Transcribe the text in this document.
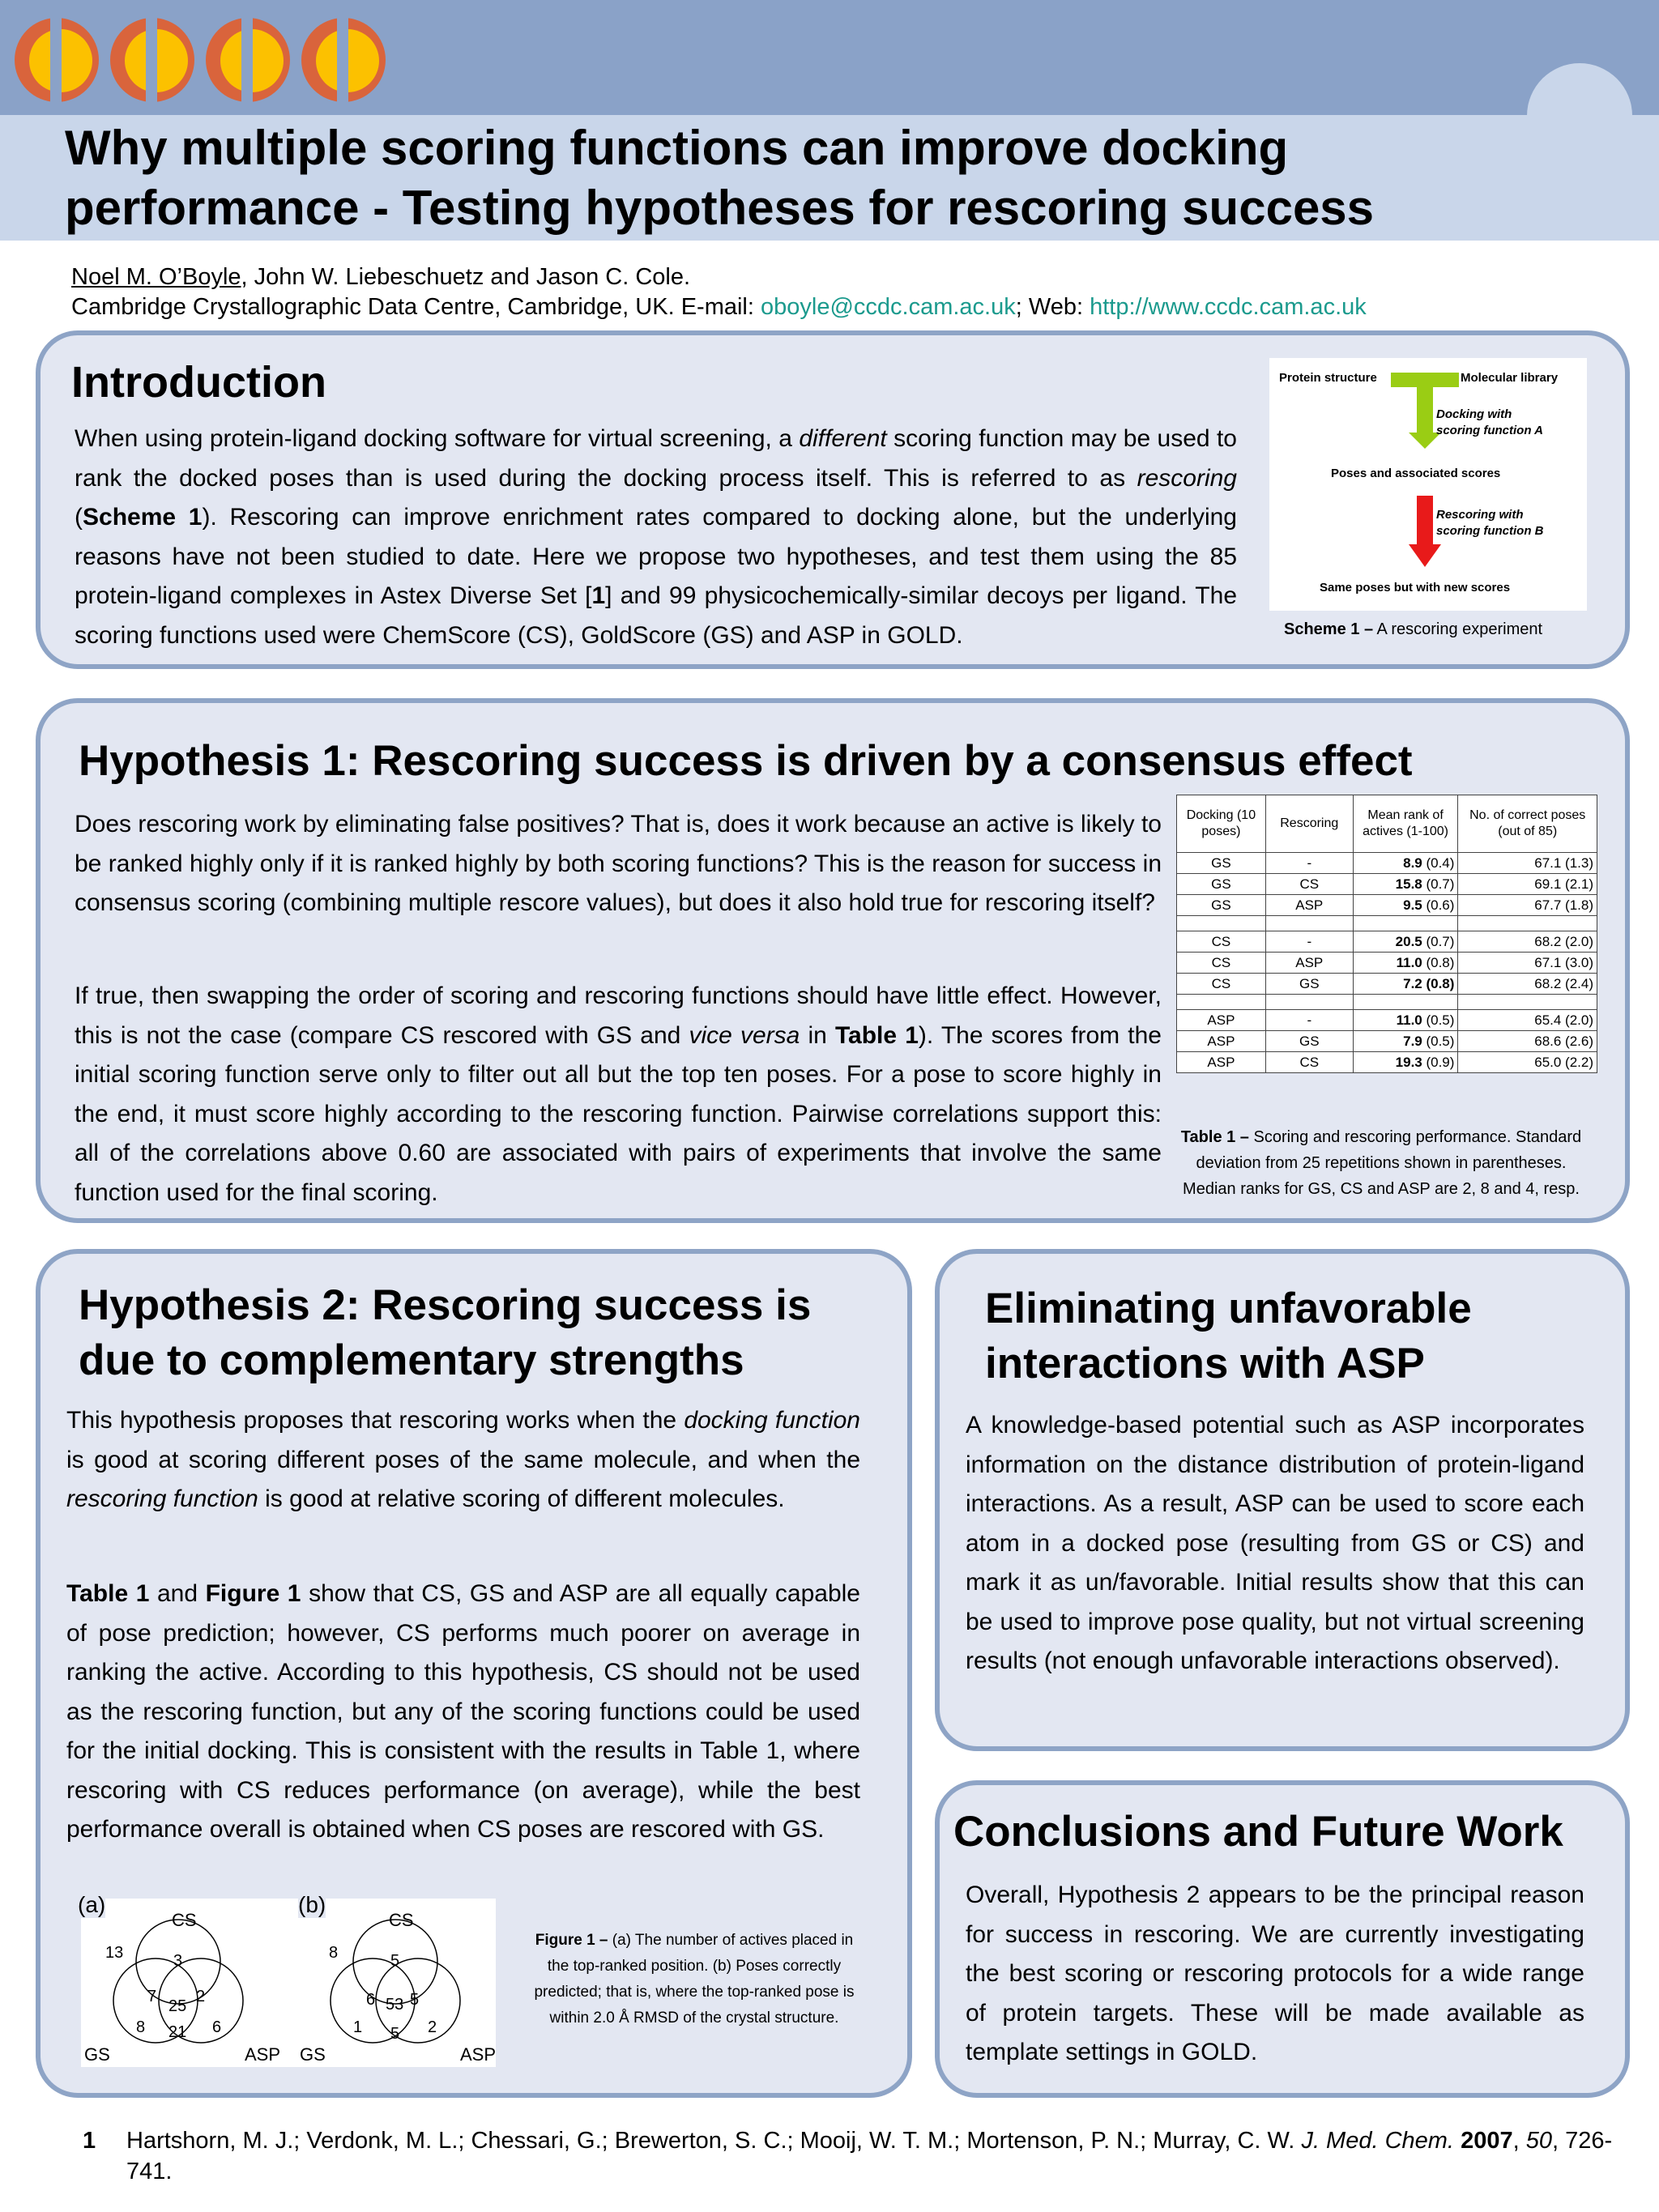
Why multiple scoring functions can improve docking
performance - Testing hypotheses for rescoring success
Noel M. O’Boyle, John W. Liebeschuetz and Jason C. Cole.
Cambridge Crystallographic Data Centre, Cambridge, UK. E-mail: oboyle@ccdc.cam.ac.uk; Web: http://www.ccdc.cam.ac.uk
Introduction
When using protein-ligand docking software for virtual screening, a different scoring function may be used to rank the docked poses than is used during the docking process itself. This is referred to as rescoring (Scheme 1). Rescoring can improve enrichment rates compared to docking alone, but the underlying reasons have not been studied to date. Here we propose two hypotheses, and test them using the 85 protein-ligand complexes in Astex Diverse Set [1] and 99 physicochemically-similar decoys per ligand. The scoring functions used were ChemScore (CS), GoldScore (GS) and ASP in GOLD.
Protein structure	Molecular library
Docking with
scoring function A
Poses and associated scores
Rescoring with
scoring function B
Same poses but with new scores
Scheme 1 – A rescoring experiment
Hypothesis 1: Rescoring success is driven by a consensus effect
Does rescoring work by eliminating false positives? That is, does it work because an active is likely to be ranked highly only if it is ranked highly by both scoring functions? This is the reason for success in consensus scoring (combining multiple rescore values), but does it also hold true for rescoring itself?
If true, then swapping the order of scoring and rescoring functions should have little effect. However, this is not the case (compare CS rescored with GS and vice versa in Table 1). The scores from the initial scoring function serve only to filter out all but the top ten poses. For a pose to score highly in the end, it must score highly according to the rescoring function. Pairwise correlations support this: all of the correlations above 0.60 are associated with pairs of experiments that involve the same function used for the final scoring.
Docking (10 poses)	Rescoring	Mean rank of actives (1-100)	No. of correct poses (out of 85)
GS	-	8.9 (0.4)	67.1 (1.3)
GS	CS	15.8 (0.7)	69.1 (2.1)
GS	ASP	9.5 (0.6)	67.7 (1.8)

CS	-	20.5 (0.7)	68.2 (2.0)
CS	ASP	11.0 (0.8)	67.1 (3.0)
CS	GS	7.2 (0.8)	68.2 (2.4)

ASP	-	11.0 (0.5)	65.4 (2.0)
ASP	GS	7.9 (0.5)	68.6 (2.6)
ASP	CS	19.3 (0.9)	65.0 (2.2)
Table 1 – Scoring and rescoring performance. Standard
deviation from 25 repetitions shown in parentheses.
Median ranks for GS, CS and ASP are 2, 8 and 4, resp.
Hypothesis 2: Rescoring success is
due to complementary strengths
This hypothesis proposes that rescoring works when the docking function is good at scoring different poses of the same molecule, and when the rescoring function is good at relative scoring of different molecules.
Table 1 and Figure 1 show that CS, GS and ASP are all equally capable of pose prediction; however, CS performs much poorer on average in ranking the active. According to this hypothesis, CS should not be used as the rescoring function, but any of the scoring functions could be used for the initial docking. This is consistent with the results in Table 1, where rescoring with CS reduces performance (on average), while the best performance overall is obtained when CS poses are rescored with GS.
CS
GS	ASP
13	3
7 2
25
8 21 6
CS
GS	ASP
8	5
6 5
53
1 5 2
(a)	(b)
Figure 1 – (a) The number of actives placed in
the top-ranked position. (b) Poses correctly
predicted; that is, where the top-ranked pose is
within 2.0 Å RMSD of the crystal structure.
Eliminating unfavorable
interactions with ASP
A knowledge-based potential such as ASP incorporates information on the distance distribution of protein-ligand interactions. As a result, ASP can be used to score each atom in a docked pose (resulting from GS or CS) and mark it as un/favorable. Initial results show that this can be used to improve pose quality, but not virtual screening results (not enough unfavorable interactions observed).
Conclusions and Future Work
Overall, Hypothesis 2 appears to be the principal reason for success in rescoring. We are currently investigating the best scoring or rescoring protocols for a wide range of protein targets. These will be made available as template settings in GOLD.
1 Hartshorn, M. J.; Verdonk, M. L.; Chessari, G.; Brewerton, S. C.; Mooij, W. T. M.; Mortenson, P. N.; Murray, C. W. J. Med. Chem. 2007, 50, 726-741.
